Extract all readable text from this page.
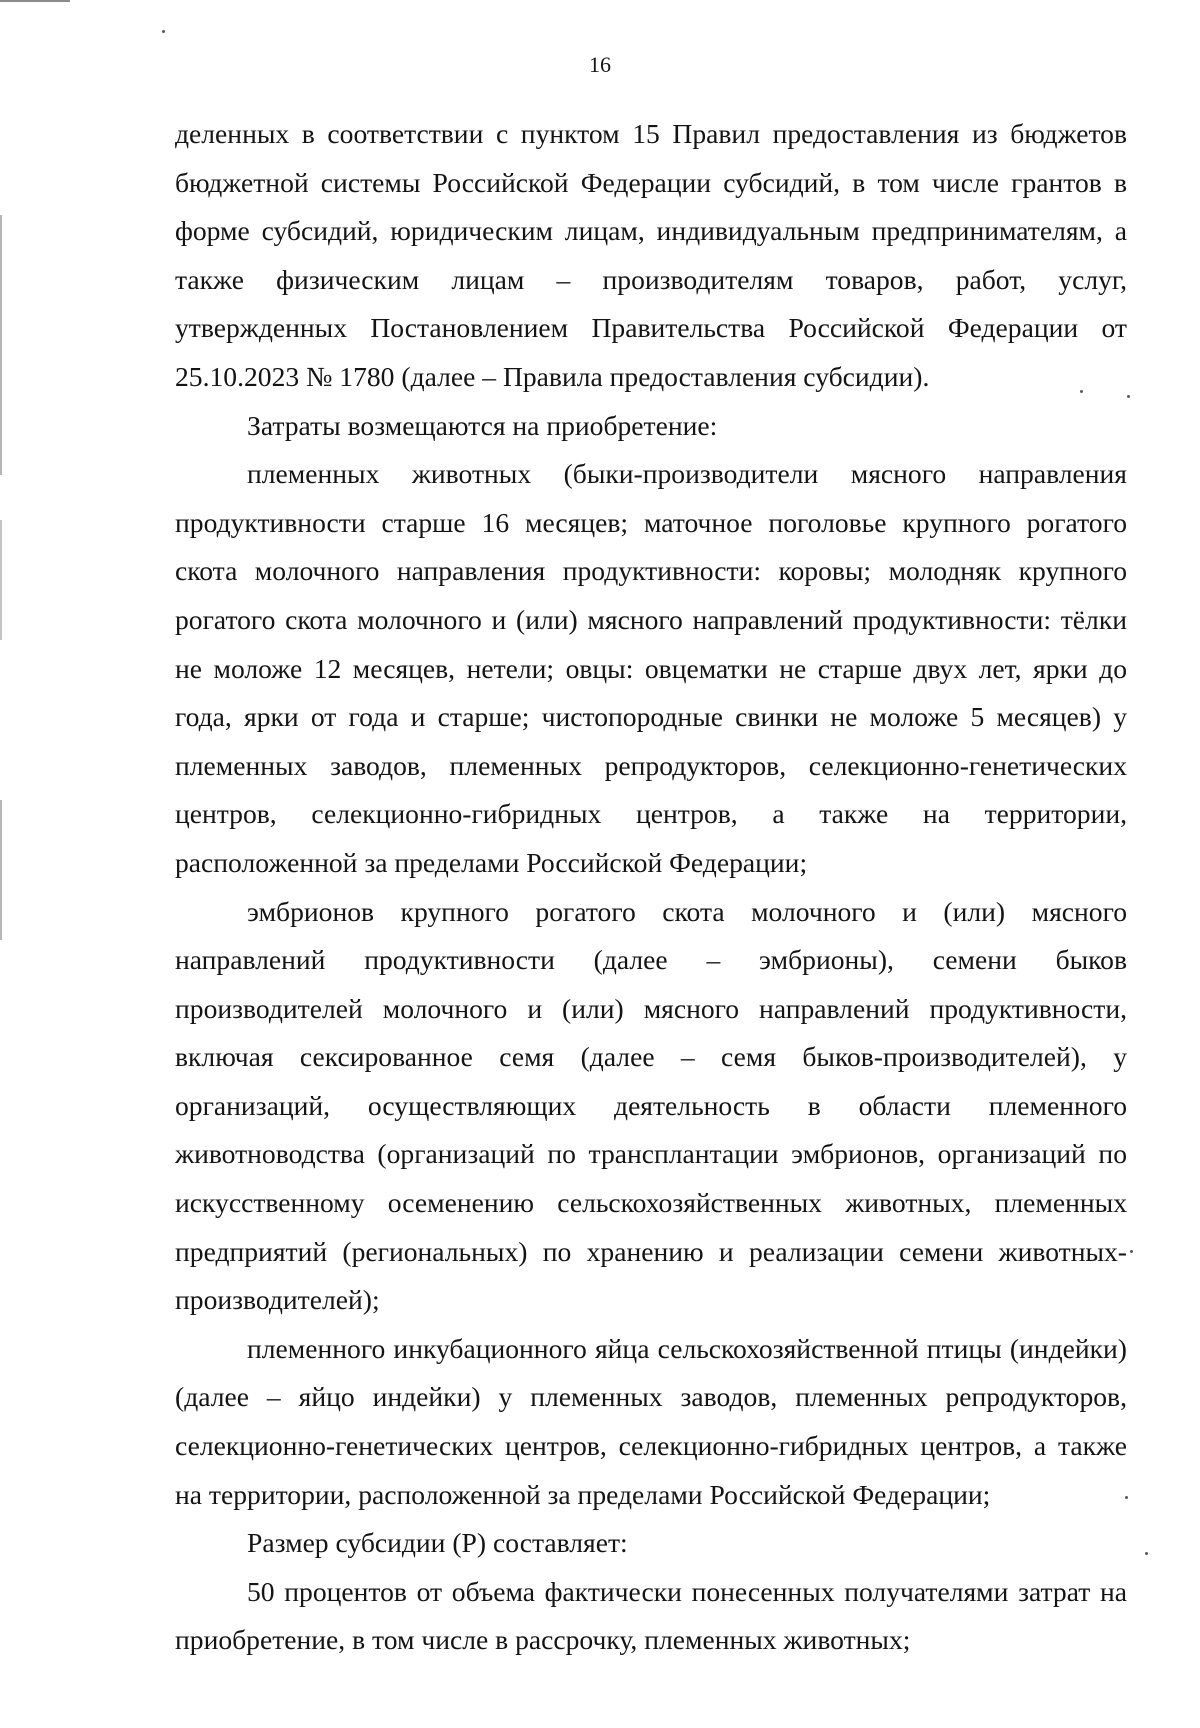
16

деленных в соответствии с пунктом 15 Правил предоставления из бюджетов бюджетной системы Российской Федерации субсидий, в том числе грантов в форме субсидий, юридическим лицам, индивидуальным предпринимателям, а также физическим лицам – производителям товаров, работ, услуг, утвержденных Постановлением Правительства Российской Федерации от 25.10.2023 № 1780 (далее – Правила предоставления субсидии).

Затраты возмещаются на приобретение:

племенных животных (быки-производители мясного направления продуктивности старше 16 месяцев; маточное поголовье крупного рогатого скота молочного направления продуктивности: коровы; молодняк крупного рогатого скота молочного и (или) мясного направлений продуктивности: тёлки не моложе 12 месяцев, нетели; овцы: овцематки не старше двух лет, ярки до года, ярки от года и старше; чистопородные свинки не моложе 5 месяцев) у племенных заводов, племенных репродукторов, селекционно-генетических центров, селекционно-гибридных центров, а также на территории, расположенной за пределами Российской Федерации;

эмбрионов крупного рогатого скота молочного и (или) мясного направлений продуктивности (далее – эмбрионы), семени быков производителей молочного и (или) мясного направлений продуктивности, включая сексированное семя (далее – семя быков-производителей), у организаций, осуществляющих деятельность в области племенного животноводства (организаций по трансплантации эмбрионов, организаций по искусственному осеменению сельскохозяйственных животных, племенных предприятий (региональных) по хранению и реализации семени животных-производителей);

племенного инкубационного яйца сельскохозяйственной птицы (индейки) (далее – яйцо индейки) у племенных заводов, племенных репродукторов, селекционно-генетических центров, селекционно-гибридных центров, а также на территории, расположенной за пределами Российской Федерации;

Размер субсидии (Р) составляет:

50 процентов от объема фактически понесенных получателями затрат на приобретение, в том числе в рассрочку, племенных животных;
